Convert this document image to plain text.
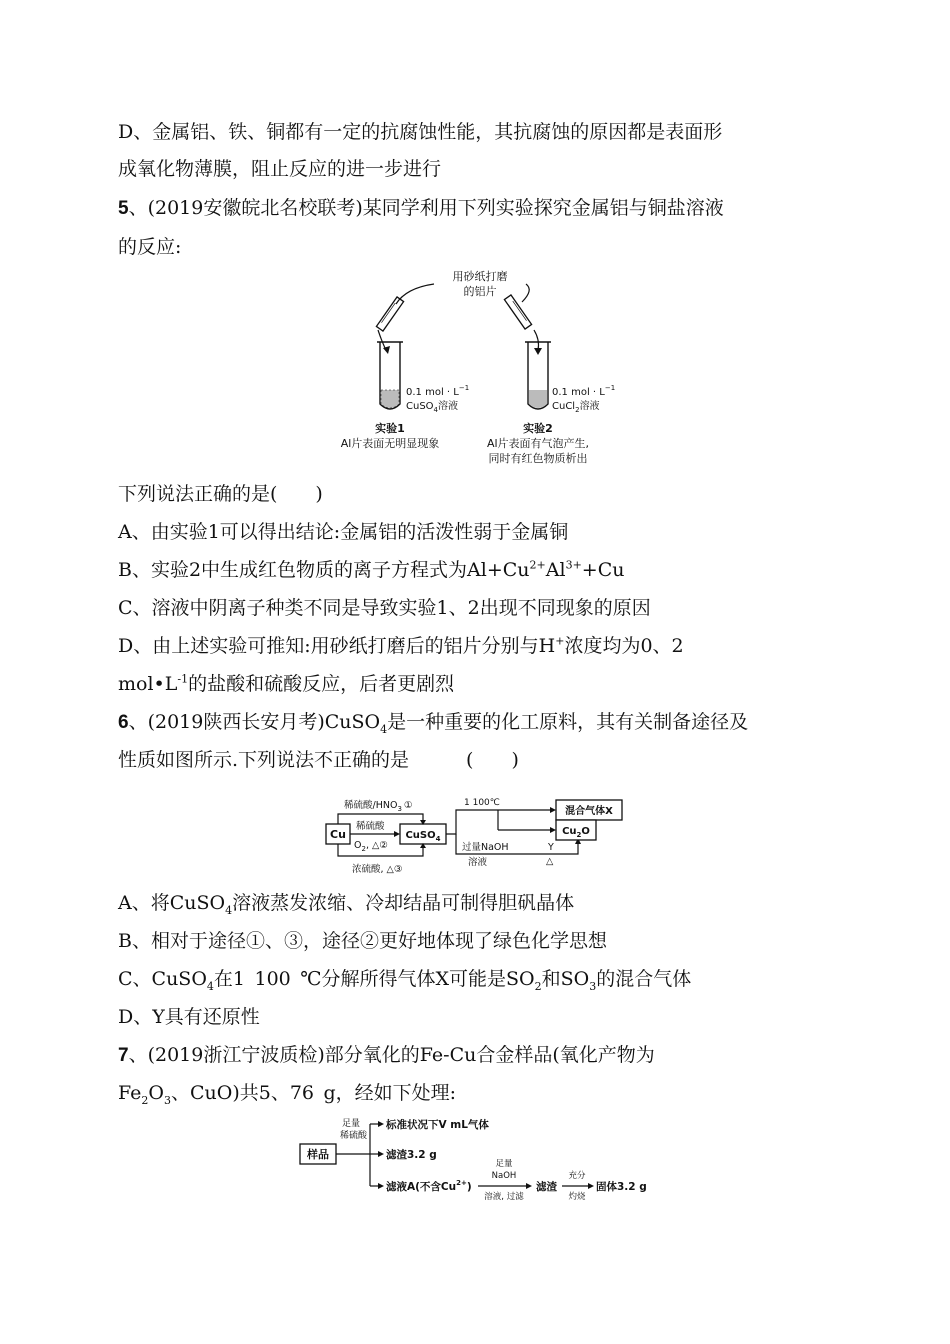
D、金属铝、铁、铜都有一定的抗腐蚀性能，其抗腐蚀的原因都是表面形
成氧化物薄膜，阻止反应的进一步进行
5、(2019安徽皖北名校联考)某同学利用下列实验探究金属铝与铜盐溶液
的反应:
用砂纸打磨
的铝片
0.1 mol · $L^{-1}$
CuSO$_4$溶液
0.1 mol · $L^{-1}$
CuCl$_2$溶液
实验1
Al片表面无明显现象
实验2
Al片表面有气泡产生,
同时有红色物质析出
下列说法正确的是(　　)
A、由实验1可以得出结论:金属铝的活泼性弱于金属铜
B、实验2中生成红色物质的离子方程式为$Al+Cu^{2+}Al^{3+}+Cu$
C、溶液中阴离子种类不同是导致实验1、2出现不同现象的原因
D、由上述实验可推知:用砂纸打磨后的铝片分别与H+浓度均为0、2
$mol•L^{-1}$的盐酸和硫酸反应，后者更剧烈
6、(2019陕西长安月考)CuSO$_4$是一种重要的化工原料，其有关制备途径及
性质如图所示.下列说法不正确的是　　　(　　)
Cu	CuSO$_4$
稀硫酸$/HNO_3$ ①
稀硫酸
$O_2$, △②
浓硫酸, △③
1 100℃
过量NaOH
溶液
Y
△
混合气体X
$Cu_2O$
A、将CuSO$_4$溶液蒸发浓缩、冷却结晶可制得胆矾晶体
B、相对于途径①、③，途径②更好地体现了绿色化学思想
C、CuSO$_4$在1 100 ℃分解所得气体X可能是$SO_2$和$SO_3$的混合气体
D、Y具有还原性
7、(2019浙江宁波质检)部分氧化的Fe-Cu合金样品(氧化产物为
$Fe_2O_3$、CuO)共5、76 g，经如下处理:
样品
足量
稀硫酸
标准状况下V mL气体
滤渣3.2 g
滤液A(不含$Cu^{2+}$)
足量
NaOH
溶液, 过滤
滤渣
充分
灼烧
固体3.2 g
